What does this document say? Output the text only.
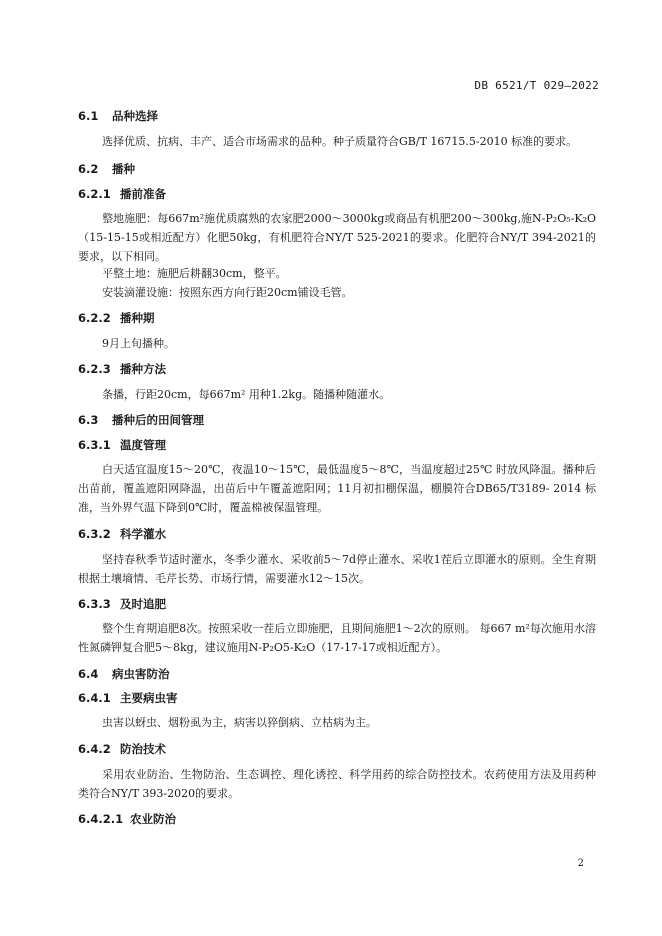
DB 6521/T 029—2022
6.1 品种选择
选择优质、抗病、丰产、适合市场需求的品种。种子质量符合GB/T 16715.5-2010 标准的要求。
6.2 播种
6.2.1 播前准备
整地施肥：每667m²施优质腐熟的农家肥2000～3000kg或商品有机肥200～300kg,施N-P₂O₅-K₂O（15-15-15或相近配方）化肥50kg，有机肥符合NY/T 525-2021的要求。化肥符合NY/T 394-2021的要求，以下相同。
平整土地：施肥后耕翻30cm，整平。
安装滴灌设施：按照东西方向行距20cm铺设毛管。
6.2.2 播种期
9月上旬播种。
6.2.3 播种方法
条播，行距20cm，每667m² 用种1.2kg。随播种随灌水。
6.3 播种后的田间管理
6.3.1 温度管理
白天适宜温度15～20℃，夜温10～15℃，最低温度5～8℃，当温度超过25℃ 时放风降温。播种后出苗前，覆盖遮阳网降温，出苗后中午覆盖遮阳网；11月初扣棚保温，棚膜符合DB65/T3189- 2014 标准，当外界气温下降到0℃时，覆盖棉被保温管理。
6.3.2 科学灌水
坚持春秋季节适时灌水，冬季少灌水、采收前5～7d停止灌水、采收1茬后立即灌水的原则。全生育期根据土壤墒情、毛芹长势、市场行情，需要灌水12～15次。
6.3.3 及时追肥
整个生育期追肥8次。按照采收一茬后立即施肥，且期间施肥1～2次的原则。 每667 m²每次施用水溶性氮磷钾复合肥5～8kg，建议施用N-P₂O5-K₂O（17-17-17或相近配方）。
6.4 病虫害防治
6.4.1 主要病虫害
虫害以蚜虫、烟粉虱为主，病害以猝倒病、立枯病为主。
6.4.2 防治技术
采用农业防治、生物防治、生态调控、理化诱控、科学用药的综合防控技术。农药使用方法及用药种类符合NY/T 393-2020的要求。
6.4.2.1 农业防治
2
